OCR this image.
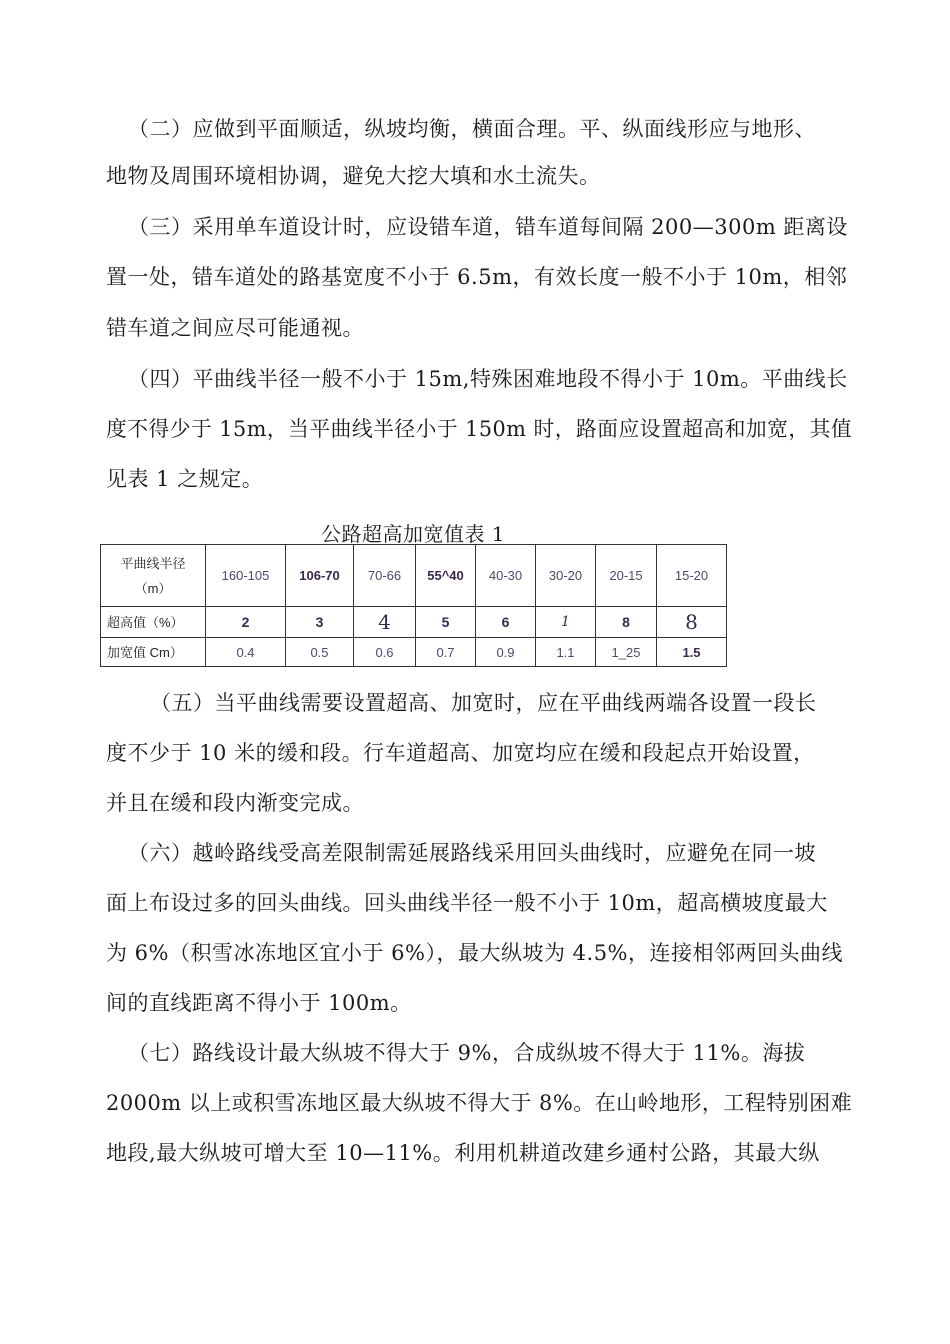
（二）应做到平面顺适，纵坡均衡，横面合理。平、纵面线形应与地形、
地物及周围环境相协调，避免大挖大填和水土流失。
（三）采用单车道设计时，应设错车道，错车道每间隔 200—300m 距离设
置一处，错车道处的路基宽度不小于 6.5m，有效长度一般不小于 10m，相邻
错车道之间应尽可能通视。
（四）平曲线半径一般不小于 15m,特殊困难地段不得小于 10m。平曲线长
度不得少于 15m，当平曲线半径小于 150m 时，路面应设置超高和加宽，其值
见表 1 之规定。
公路超高加宽值表 1
平曲线半径
（m）	160-105	106-70	70-66	55^40	40-30	30-20	20-15	15-20
超高值（%）	2	3	4	5	6	1	8	8
加宽值 Cm）	0.4	0.5	0.6	0.7	0.9	1.1	1_25	1.5
（五）当平曲线需要设置超高、加宽时，应在平曲线两端各设置一段长
度不少于 10 米的缓和段。行车道超高、加宽均应在缓和段起点开始设置，
并且在缓和段内渐变完成。
（六）越岭路线受高差限制需延展路线采用回头曲线时，应避免在同一坡
面上布设过多的回头曲线。回头曲线半径一般不小于 10m，超高横坡度最大
为 6%（积雪冰冻地区宜小于 6%），最大纵坡为 4.5%，连接相邻两回头曲线
间的直线距离不得小于 100m。
（七）路线设计最大纵坡不得大于 9%，合成纵坡不得大于 11%。海拔
2000m 以上或积雪冻地区最大纵坡不得大于 8%。在山岭地形，工程特别困难
地段,最大纵坡可增大至 10—11%。利用机耕道改建乡通村公路，其最大纵
